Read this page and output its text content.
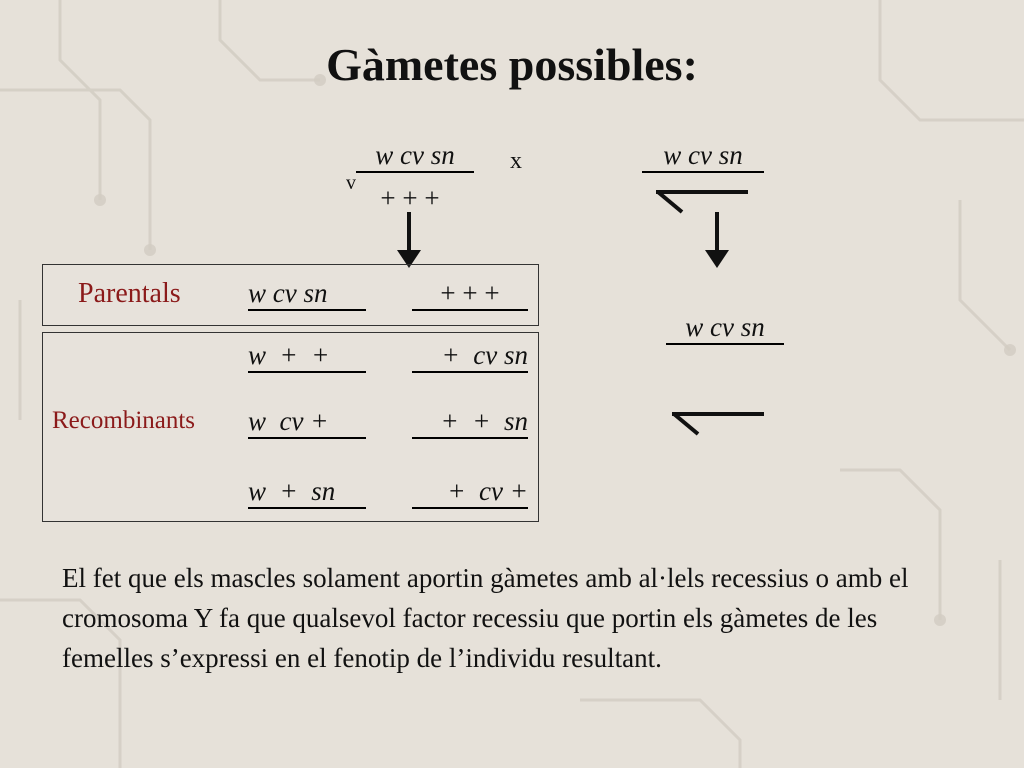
Gàmetes possibles:
v
w cv sn
+ + +
x	w cv sn
Parentals w cv sn	+ + +
Recombinants
w  +  +	+  cv sn
w  cv +	+  +  sn
w  +  sn	+  cv +
w cv sn
El fet que els mascles solament aportin gàmetes amb al·lels recessius o amb el cromosoma Y fa que qualsevol factor recessiu que portin els gàmetes de les femelles s’expressi en el fenotip de l’individu resultant.
